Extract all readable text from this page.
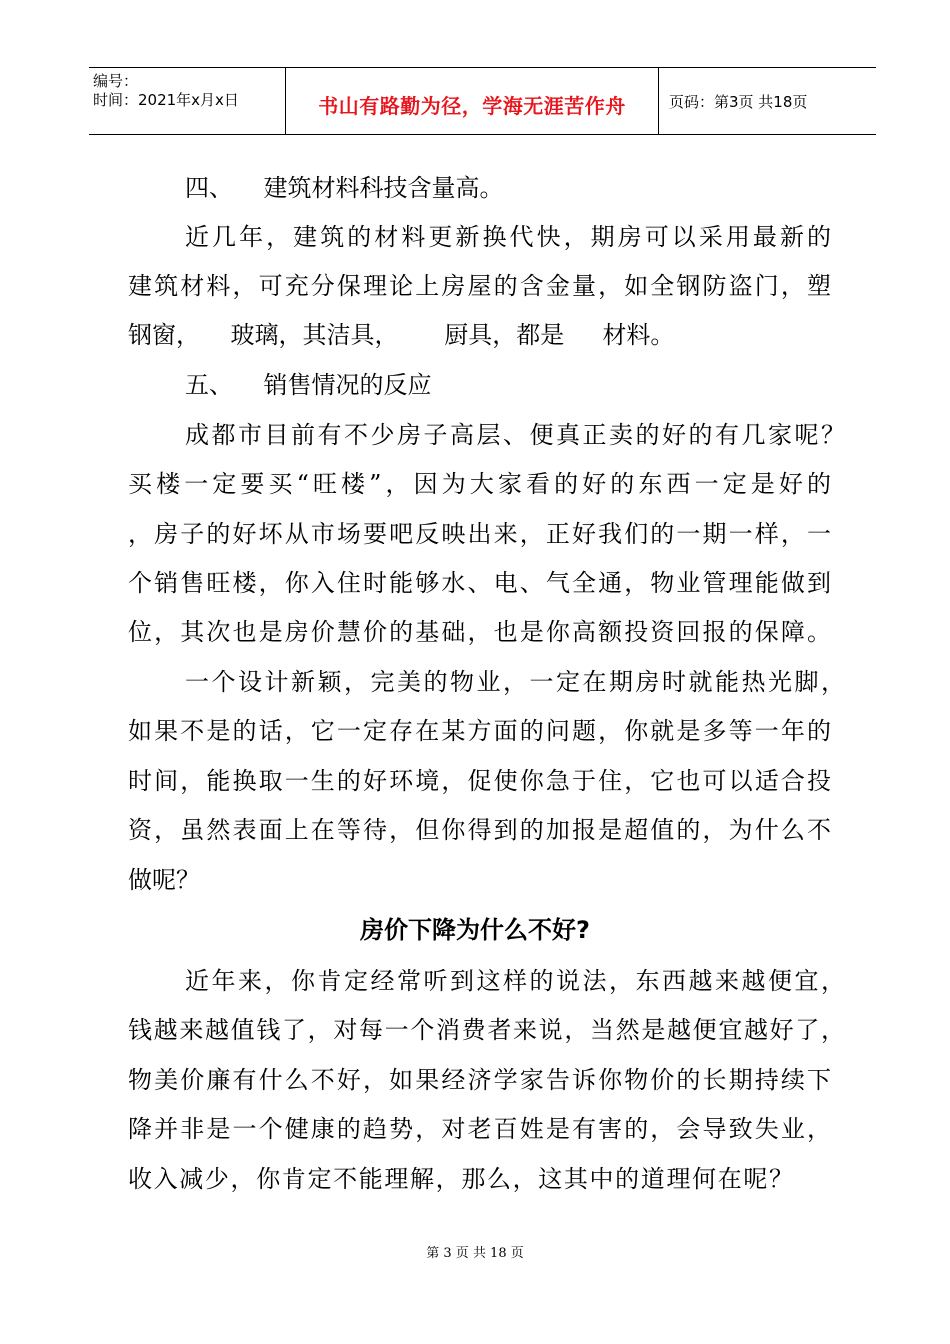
编号：
时间：2021年x月x日	书山有路勤为径，学海无涯苦作舟	页码：第3页 共18页
四、    建筑材料科技含量高。
近几年，建筑的材料更新换代快，期房可以采用最新的
建筑材料，可充分保理论上房屋的含金量，如全钢防盗门，塑
钢窗，    玻璃，其洁具，      厨具，都是     材料。
五、    销售情况的反应
成都市目前有不少房子高层、便真正卖的好的有几家呢？
买楼一定要买“旺楼”，因为大家看的好的东西一定是好的
，房子的好坏从市场要吧反映出来，正好我们的一期一样，一
个销售旺楼，你入住时能够水、电、气全通，物业管理能做到
位，其次也是房价慧价的基础，也是你高额投资回报的保障。
一个设计新颖，完美的物业，一定在期房时就能热光脚，
如果不是的话，它一定存在某方面的问题，你就是多等一年的
时间，能换取一生的好环境，促使你急于住，它也可以适合投
资，虽然表面上在等待，但你得到的加报是超值的，为什么不
做呢？
房价下降为什么不好?
近年来，你肯定经常听到这样的说法，东西越来越便宜，
钱越来越值钱了，对每一个消费者来说，当然是越便宜越好了，
物美价廉有什么不好，如果经济学家告诉你物价的长期持续下
降并非是一个健康的趋势，对老百姓是有害的，会导致失业，
收入减少，你肯定不能理解，那么，这其中的道理何在呢？
第 3 页 共 18 页
